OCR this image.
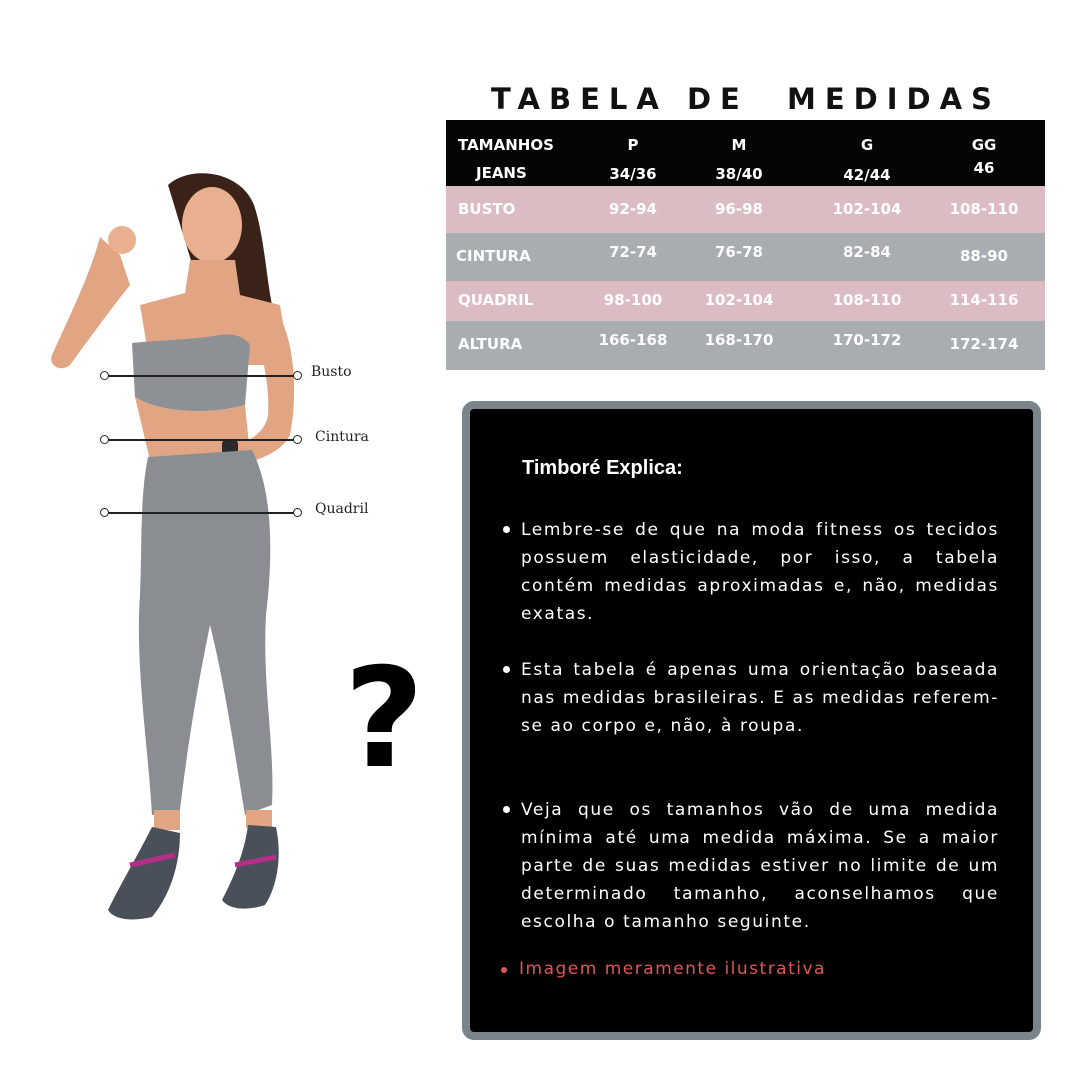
TABELA DE  MEDIDAS
TAMANHOS	P	M	G	GG
JEANS	34/36	38/40	42/44	46
BUSTO	92-94	96-98	102-104	108-110
CINTURA	72-74	76-78	82-84	88-90
QUADRIL	98-100	102-104	108-110	114-116
ALTURA	166-168	168-170	170-172	172-174
Busto
Cintura
Quadril
?
Timboré Explica:
Lembre-se de que na moda fitness os tecidos possuem elasticidade, por isso, a tabela contém medidas aproximadas e, não, medidas exatas.
Esta tabela é apenas uma orientação baseada nas medidas brasileiras. E as medidas referem-se ao corpo e, não, à roupa.
Veja que os tamanhos vão de uma medida mínima até uma medida máxima. Se a maior parte de suas medidas estiver no limite de um determinado tamanho, aconselhamos que escolha o tamanho seguinte.
Imagem meramente ilustrativa
